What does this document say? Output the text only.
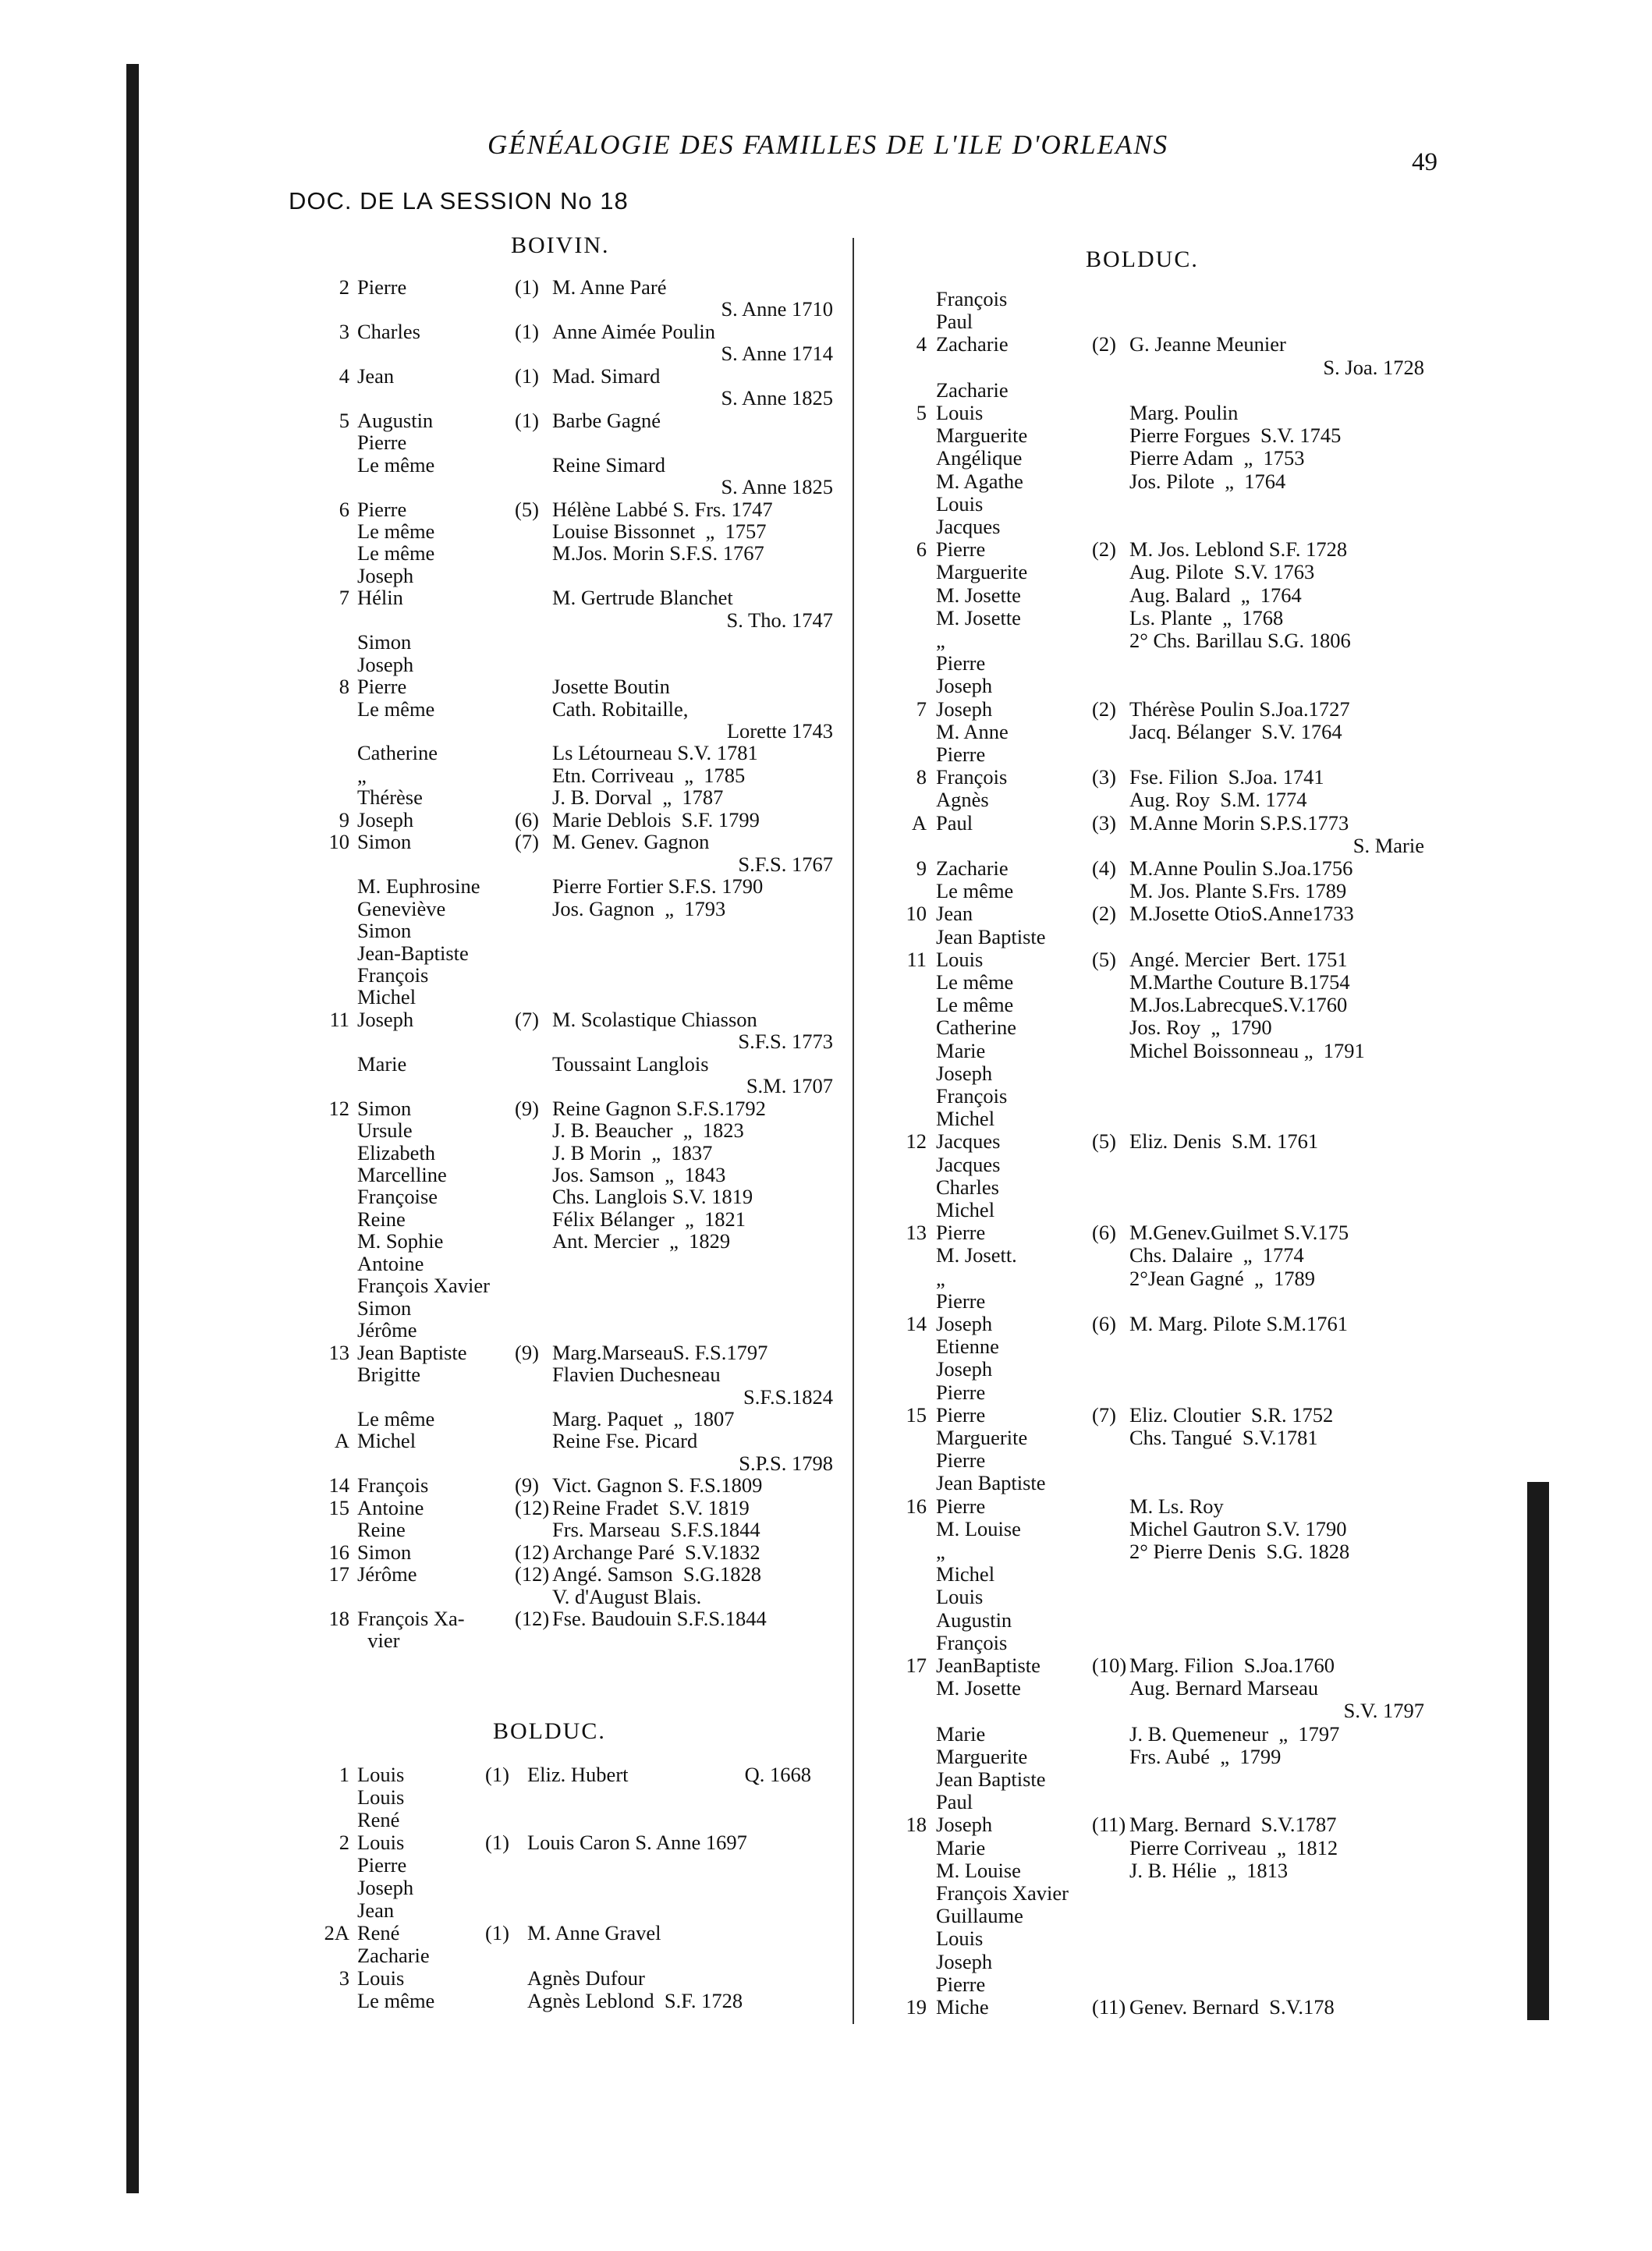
GÉNÉALOGIE DES FAMILLES DE L'ILE D'ORLEANS
49
DOC. DE LA SESSION No 18
BOIVIN.
BOLDUC.
BOLDUC.
2 Pierre	(1) M. Anne Paré
S. Anne 1710
3 Charles	(1) Anne Aimée Poulin
S. Anne 1714
4 Jean	(1) Mad. Simard
S. Anne 1825
5 Augustin	(1) Barbe Gagné
Pierre
Le même	Reine Simard
S. Anne 1825
6 Pierre	(5) Hélène Labbé S. Frs. 1747
Le même	Louise Bissonnet  „  1757
Le même	M.Jos. Morin S.F.S. 1767
Joseph
7 Hélin	M. Gertrude Blanchet
S. Tho. 1747
Simon
Joseph
8 Pierre	Josette Boutin
Le même	Cath. Robitaille,
Lorette 1743
Catherine	Ls Létourneau S.V. 1781
„	Etn. Corriveau  „  1785
Thérèse	J. B. Dorval  „  1787
9 Joseph	(6) Marie Deblois  S.F. 1799
10 Simon	(7) M. Genev. Gagnon
S.F.S. 1767
M. Euphrosine	Pierre Fortier S.F.S. 1790
Geneviève	Jos. Gagnon  „  1793
Simon
Jean-Baptiste
François
Michel
11 Joseph	(7) M. Scolastique Chiasson
S.F.S. 1773
Marie	Toussaint Langlois
S.M. 1707
12 Simon	(9) Reine Gagnon S.F.S.1792
Ursule	J. B. Beaucher  „  1823
Elizabeth	J. B Morin  „  1837
Marcelline	Jos. Samson  „  1843
Françoise	Chs. Langlois S.V. 1819
Reine	Félix Bélanger  „  1821
M. Sophie	Ant. Mercier  „  1829
Antoine
François Xavier
Simon
Jérôme
13 Jean Baptiste (9) Marg.MarseauS. F.S.1797
Brigitte	Flavien Duchesneau
S.F.S.1824
Le même	Marg. Paquet  „  1807
A Michel	Reine Fse. Picard
S.P.S. 1798
14 François	(9) Vict. Gagnon S. F.S.1809
15 Antoine	(12) Reine Fradet  S.V. 1819
Reine	Frs. Marseau  S.F.S.1844
16 Simon	(12) Archange Paré  S.V.1832
17 Jérôme	(12) Angé. Samson  S.G.1828
V. d'August Blais.
18 François Xa- (12) Fse. Baudouin S.F.S.1844
vier
1 Louis	(1) Eliz. Hubert	Q. 1668
Louis
René
2 Louis	(1) Louis Caron S. Anne 1697
Pierre
Joseph
Jean
2A René	(1) M. Anne Gravel
Zacharie
3 Louis	Agnès Dufour
Le même	Agnès Leblond  S.F. 1728
François
Paul
4 Zacharie	(2) G. Jeanne Meunier
S. Joa. 1728
Zacharie
5 Louis	Marg. Poulin
Marguerite	Pierre Forgues  S.V. 1745
Angélique	Pierre Adam  „  1753
M. Agathe	Jos. Pilote  „  1764
Louis
Jacques
6 Pierre	(2) M. Jos. Leblond S.F. 1728
Marguerite	Aug. Pilote  S.V. 1763
M. Josette	Aug. Balard  „  1764
M. Josette	Ls. Plante  „  1768
„	2° Chs. Barillau S.G. 1806
Pierre
Joseph
7 Joseph	(2) Thérèse Poulin S.Joa.1727
M. Anne	Jacq. Bélanger  S.V. 1764
Pierre
8 François	(3) Fse. Filion  S.Joa. 1741
Agnès	Aug. Roy  S.M. 1774
A Paul	(3) M.Anne Morin S.P.S.1773
S. Marie
9 Zacharie	(4) M.Anne Poulin S.Joa.1756
Le même	M. Jos. Plante S.Frs. 1789
10 Jean	(2) M.Josette OtioS.Anne1733
Jean Baptiste
11 Louis	(5) Angé. Mercier  Bert. 1751
Le même	M.Marthe Couture B.1754
Le même	M.Jos.LabrecqueS.V.1760
Catherine	Jos. Roy  „  1790
Marie	Michel Boissonneau „  1791
Joseph
François
Michel
12 Jacques	(5) Eliz. Denis  S.M. 1761
Jacques
Charles
Michel
13 Pierre	(6) M.Genev.Guilmet S.V.175
M. Josett.	Chs. Dalaire  „  1774
„	2°Jean Gagné  „  1789
Pierre
14 Joseph	(6) M. Marg. Pilote S.M.1761
Etienne
Joseph
Pierre
15 Pierre	(7) Eliz. Cloutier  S.R. 1752
Marguerite	Chs. Tangué  S.V.1781
Pierre
Jean Baptiste
16 Pierre	M. Ls. Roy
M. Louise	Michel Gautron S.V. 1790
„	2° Pierre Denis  S.G. 1828
Michel
Louis
Augustin
François
17 JeanBaptiste (10) Marg. Filion  S.Joa.1760
M. Josette	Aug. Bernard Marseau
S.V. 1797
Marie	J. B. Quemeneur  „  1797
Marguerite	Frs. Aubé  „  1799
Jean Baptiste
Paul
18 Joseph	(11) Marg. Bernard  S.V.1787
Marie	Pierre Corriveau  „  1812
M. Louise	J. B. Hélie  „  1813
François Xavier
Guillaume
Louis
Joseph
Pierre
19 Miche	(11) Genev. Bernard  S.V.178
